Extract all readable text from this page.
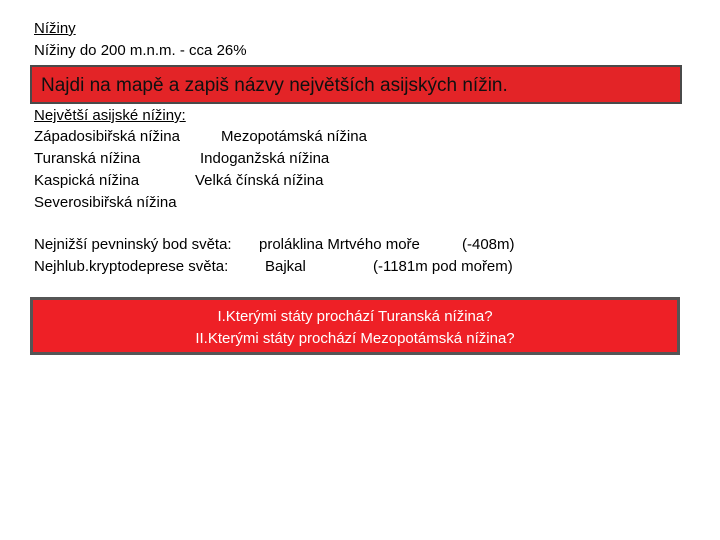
Nížiny
Nížiny do 200 m.n.m. - cca 26%
Najdi na mapě a zapiš názvy největších asijských nížin.
Největší asijské nížiny:
Západosibiřská nížina	Mezopotámská nížina
Turanská nížina	Indoganžská nížina
Kaspická nížina	Velká čínská nížina
Severosibiřská nížina
Nejnižší pevninský bod světa: proláklina Mrtvého moře	(-408m)
Nejhlub.kryptodeprese světa: Bajkal	(-1181m pod mořem)
I.Kterými státy prochází Turanská nížina?
II.Kterými státy prochází Mezopotámská nížina?
